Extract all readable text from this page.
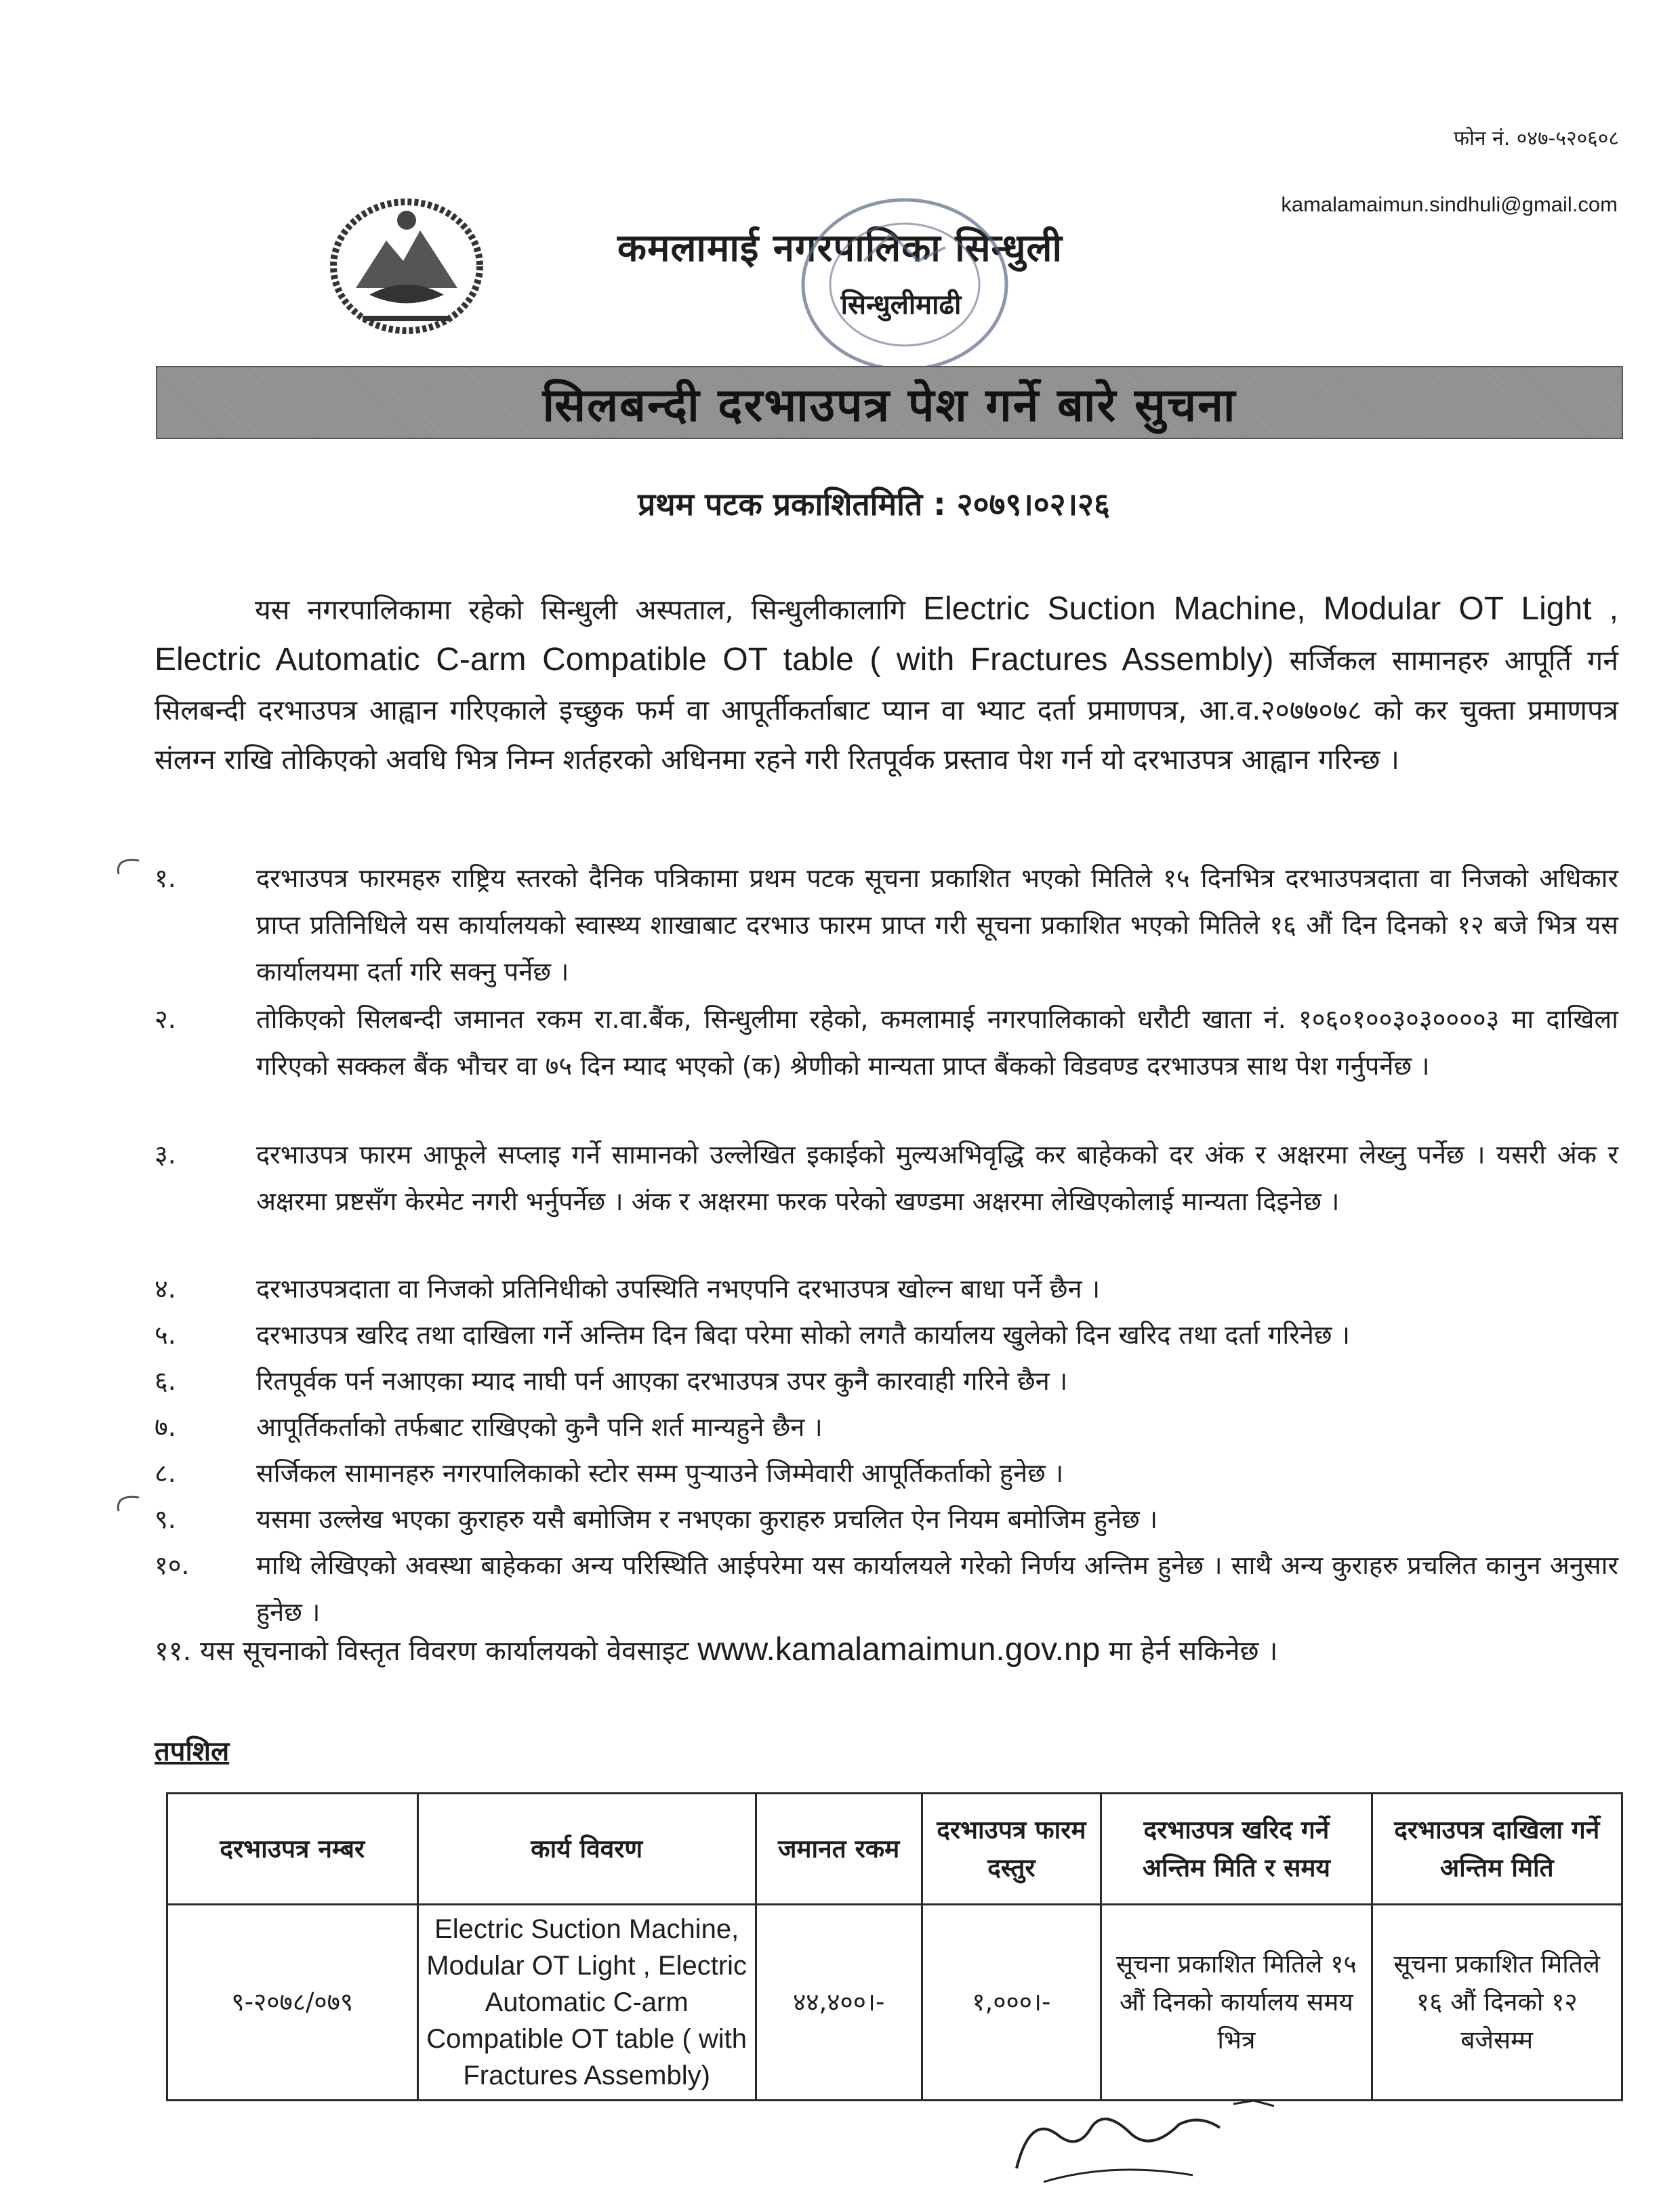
फोन नं. ०४७-५२०६०८
kamalamaimun.sindhuli@gmail.com
कमलामाई नगरपालिका सिन्धुली
सिन्धुलीमाढी
सिलबन्दी दरभाउपत्र पेश गर्ने बारे सुचना
प्रथम पटक प्रकाशितमिति : २०७९।०२।२६
यस नगरपालिकामा रहेको सिन्धुली अस्पताल, सिन्धुलीकालागि Electric Suction Machine, Modular OT Light , Electric Automatic C-arm Compatible OT table ( with Fractures Assembly) सर्जिकल सामानहरु आपूर्ति गर्न सिलबन्दी दरभाउपत्र आह्वान गरिएकाले इच्छुक फर्म वा आपूर्तीकर्ताबाट प्यान वा भ्याट दर्ता प्रमाणपत्र, आ.व.२०७७०७८ को कर चुक्ता प्रमाणपत्र संलग्न राखि तोकिएको अवधि भित्र निम्न शर्तहरको अधिनमा रहने गरी रितपूर्वक प्रस्ताव पेश गर्न यो दरभाउपत्र आह्वान गरिन्छ ।
१.	दरभाउपत्र फारमहरु राष्ट्रिय स्तरको दैनिक पत्रिकामा प्रथम पटक सूचना प्रकाशित भएको मितिले १५ दिनभित्र दरभाउपत्रदाता वा निजको अधिकार प्राप्त प्रतिनिधिले यस कार्यालयको स्वास्थ्य शाखाबाट दरभाउ फारम प्राप्त गरी सूचना प्रकाशित भएको मितिले १६ औं दिन दिनको १२ बजे भित्र यस कार्यालयमा दर्ता गरि सक्नु पर्नेछ ।
२.	तोकिएको सिलबन्दी जमानत रकम रा.वा.बैंक, सिन्धुलीमा रहेको, कमलामाई नगरपालिकाको धरौटी खाता नं. १०६०१००३०३००००३ मा दाखिला गरिएको सक्कल बैंक भौचर वा ७५ दिन म्याद भएको (क) श्रेणीको मान्यता प्राप्त बैंकको विडवण्ड दरभाउपत्र साथ पेश गर्नुपर्नेछ ।
३.	दरभाउपत्र फारम आफूले सप्लाइ गर्ने सामानको उल्लेखित इकाईको मुल्यअभिवृद्धि कर बाहेकको दर अंक र अक्षरमा लेख्नु पर्नेछ । यसरी अंक र अक्षरमा प्रष्टसँग केरमेट नगरी भर्नुपर्नेछ । अंक र अक्षरमा फरक परेको खण्डमा अक्षरमा लेखिएकोलाई मान्यता दिइनेछ ।
४.	दरभाउपत्रदाता वा निजको प्रतिनिधीको उपस्थिति नभएपनि दरभाउपत्र खोल्न बाधा पर्ने छैन ।
५.	दरभाउपत्र खरिद तथा दाखिला गर्ने अन्तिम दिन बिदा परेमा सोको लगतै कार्यालय खुलेको दिन खरिद तथा दर्ता गरिनेछ ।
६.	रितपूर्वक पर्न नआएका म्याद नाघी पर्न आएका दरभाउपत्र उपर कुनै कारवाही गरिने छैन ।
७.	आपूर्तिकर्ताको तर्फबाट राखिएको कुनै पनि शर्त मान्यहुने छैन ।
८.	सर्जिकल सामानहरु नगरपालिकाको स्टोर सम्म पुऱ्याउने जिम्मेवारी आपूर्तिकर्ताको हुनेछ ।
९.	यसमा उल्लेख भएका कुराहरु यसै बमोजिम र नभएका कुराहरु प्रचलित ऐन नियम बमोजिम हुनेछ ।
१०.	माथि लेखिएको अवस्था बाहेकका अन्य परिस्थिति आईपरेमा यस कार्यालयले गरेको निर्णय अन्तिम हुनेछ । साथै अन्य कुराहरु प्रचलित कानुन अनुसार हुनेछ ।
११. यस सूचनाको विस्तृत विवरण कार्यालयको वेवसाइट www.kamalamaimun.gov.np मा हेर्न सकिनेछ ।
तपशिल
दरभाउपत्र नम्बर	कार्य विवरण	जमानत रकम	दरभाउपत्र फारम दस्तुर	दरभाउपत्र खरिद गर्ने अन्तिम मिति र समय	दरभाउपत्र दाखिला गर्ने अन्तिम मिति
९-२०७८/०७९	Electric Suction Machine, Modular OT Light , Electric Automatic C-arm Compatible OT table ( with Fractures Assembly)	४४,४००।-	१,०००।-	सूचना प्रकाशित मितिले १५ औं दिनको कार्यालय समय भित्र	सूचना प्रकाशित मितिले १६ औं दिनको १२ बजेसम्म
